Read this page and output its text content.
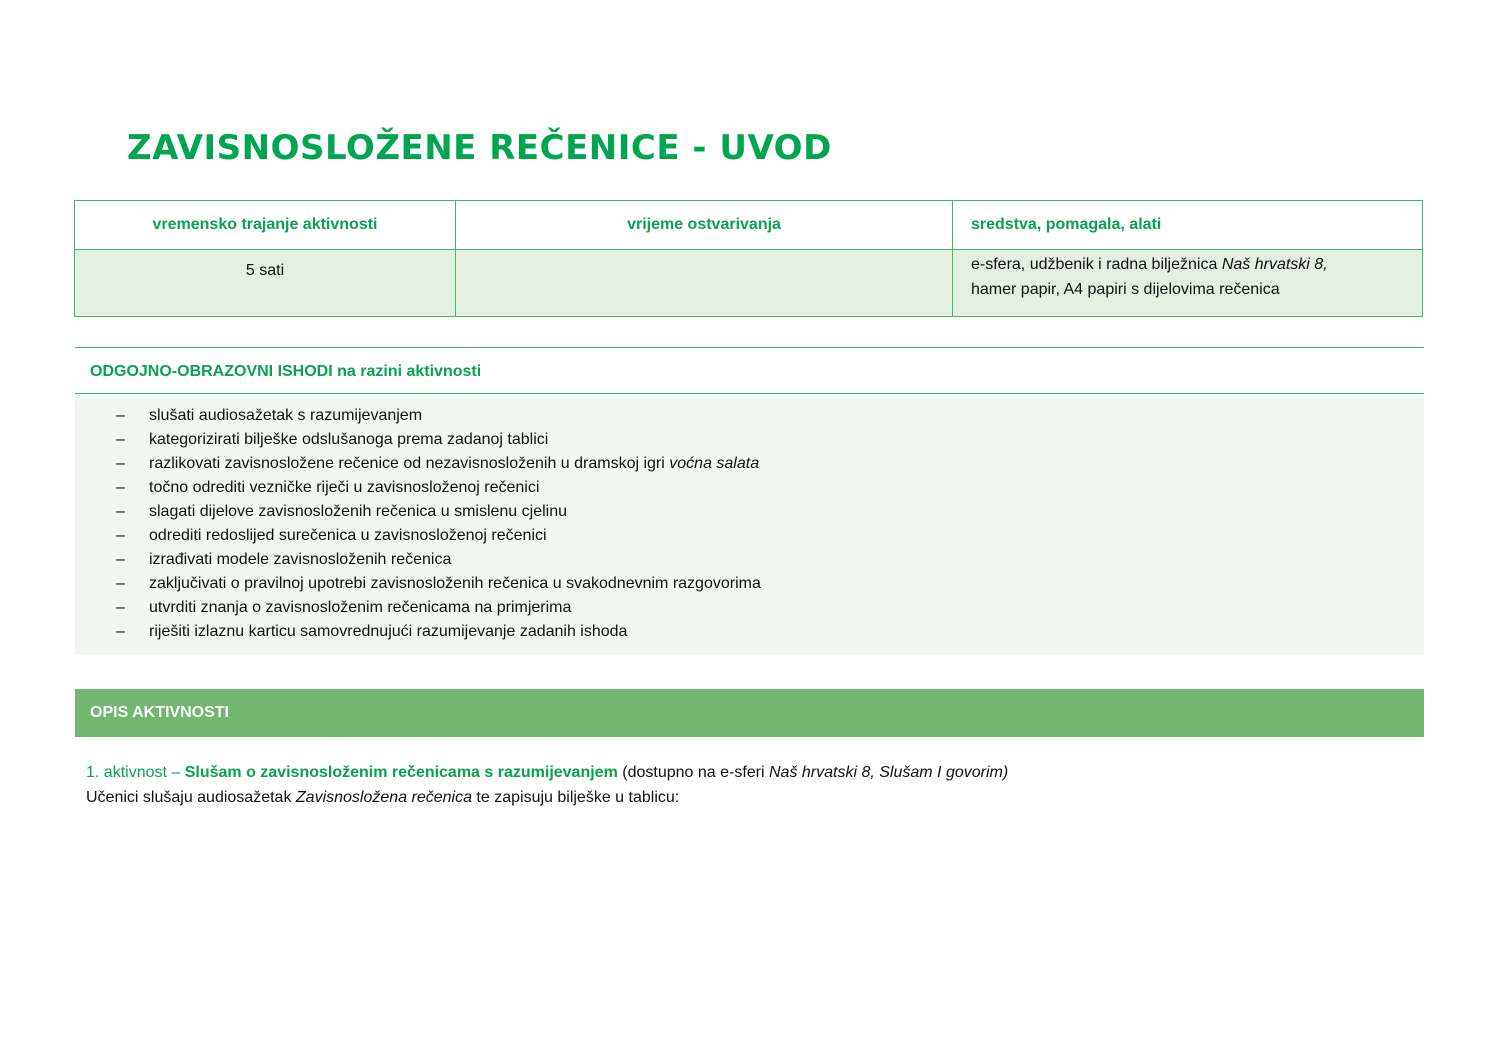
ZAVISNOSLOŽENE REČENICE - UVOD
vremensko trajanje aktivnosti	vrijeme ostvarivanja	sredstva, pomagala, alati
5 sati		e-sfera, udžbenik i radna bilježnica Naš hrvatski 8,
hamer papir, A4 papiri s dijelovima rečenica
ODGOJNO-OBRAZOVNI ISHODI na razini aktivnosti
– slušati audiosažetak s razumijevanjem
– kategorizirati bilješke odslušanoga prema zadanoj tablici
– razlikovati zavisnosložene rečenice od nezavisnosloženih u dramskoj igri voćna salata
– točno odrediti vezničke riječi u zavisnosloženoj rečenici
– slagati dijelove zavisnosloženih rečenica u smislenu cjelinu
– odrediti redoslijed surečenica u zavisnosloženoj rečenici
– izrađivati modele zavisnosloženih rečenica
– zaključivati o pravilnoj upotrebi zavisnosloženih rečenica u svakodnevnim razgovorima
– utvrditi znanja o zavisnosloženim rečenicama na primjerima
– riješiti izlaznu karticu samovrednujući razumijevanje zadanih ishoda
OPIS AKTIVNOSTI
1. aktivnost – Slušam o zavisnosloženim rečenicama s razumijevanjem (dostupno na e-sferi Naš hrvatski 8, Slušam I govorim)
Učenici slušaju audiosažetak Zavisnosložena rečenica te zapisuju bilješke u tablicu:
